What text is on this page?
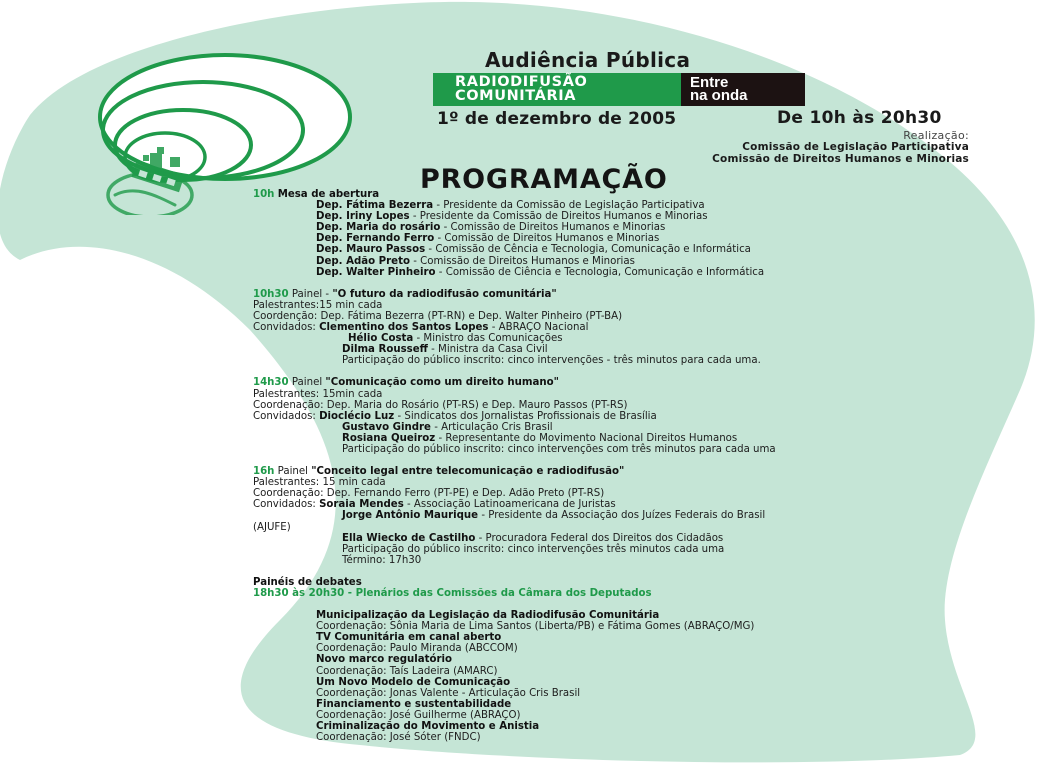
Audiência Pública
RADIODIFUSÃO
COMUNITÁRIA
Entre
na onda
1º de dezembro de 2005	De 10h às 20h30
Realização:
Comissão de Legislação Participativa
Comissão de Direitos Humanos e Minorias
PROGRAMAÇÃO
10h Mesa de abertura
Dep. Fátima Bezerra - Presidente da Comissão de Legislação Participativa
Dep. Iriny Lopes - Presidente da Comissão de Direitos Humanos e Minorias
Dep. Maria do rosário - Comissão de Direitos Humanos e Minorias
Dep. Fernando Ferro - Comissão de Direitos Humanos e Minorias
Dep. Mauro Passos - Comissão de Cência e Tecnologia, Comunicação e Informática
Dep. Adão Preto - Comissão de Direitos Humanos e Minorias
Dep. Walter Pinheiro - Comissão de Ciência e Tecnologia, Comunicação e Informática
10h30 Painel - "O futuro da radiodifusão comunitária"
Palestrantes:15 min cada
Coordenção: Dep. Fátima Bezerra (PT-RN) e Dep. Walter Pinheiro (PT-BA)
Convidados: Clementino dos Santos Lopes - ABRAÇO Nacional
Hélio Costa - Ministro das Comunicações
Dilma Rousseff - Ministra da Casa Civil
Participação do público inscrito: cinco intervenções - três minutos para cada uma.
14h30 Painel "Comunicação como um direito humano"
Palestrantes: 15min cada
Coordenação: Dep. Maria do Rosário (PT-RS) e Dep. Mauro Passos (PT-RS)
Convidados: Dioclécio Luz - Sindicatos dos Jornalistas Profissionais de Brasília
Gustavo Gindre - Articulação Cris Brasil
Rosiana Queiroz - Representante do Movimento Nacional Direitos Humanos
Participação do público inscrito: cinco intervenções com três minutos para cada uma
16h Painel "Conceito legal entre telecomunicação e radiodifusão"
Palestrantes: 15 min cada
Coordenação: Dep. Fernando Ferro (PT-PE) e Dep. Adão Preto (PT-RS)
Convidados: Soraia Mendes - Associação Latinoamericana de Juristas
Jorge Antônio Maurique - Presidente da Associação dos Juízes Federais do Brasil
(AJUFE)
Ella Wiecko de Castilho - Procuradora Federal dos Direitos dos Cidadãos
Participação do público inscrito: cinco intervenções três minutos cada uma
Término: 17h30
Painéis de debates
18h30 às 20h30 - Plenários das Comissões da Câmara dos Deputados
Municipalização da Legislação da Radiodifusão Comunitária
Coordenação: Sônia Maria de Lima Santos (Liberta/PB) e Fátima Gomes (ABRAÇO/MG)
TV Comunitária em canal aberto
Coordenação: Paulo Miranda (ABCCOM)
Novo marco regulatório
Coordenação: Taís Ladeira (AMARC)
Um Novo Modelo de Comunicação
Coordenação: Jonas Valente - Articulação Cris Brasil
Financiamento e sustentabilidade
Coordenação: José Guilherme (ABRAÇO)
Criminalização do Movimento e Anistia
Coordenação: José Sóter (FNDC)
